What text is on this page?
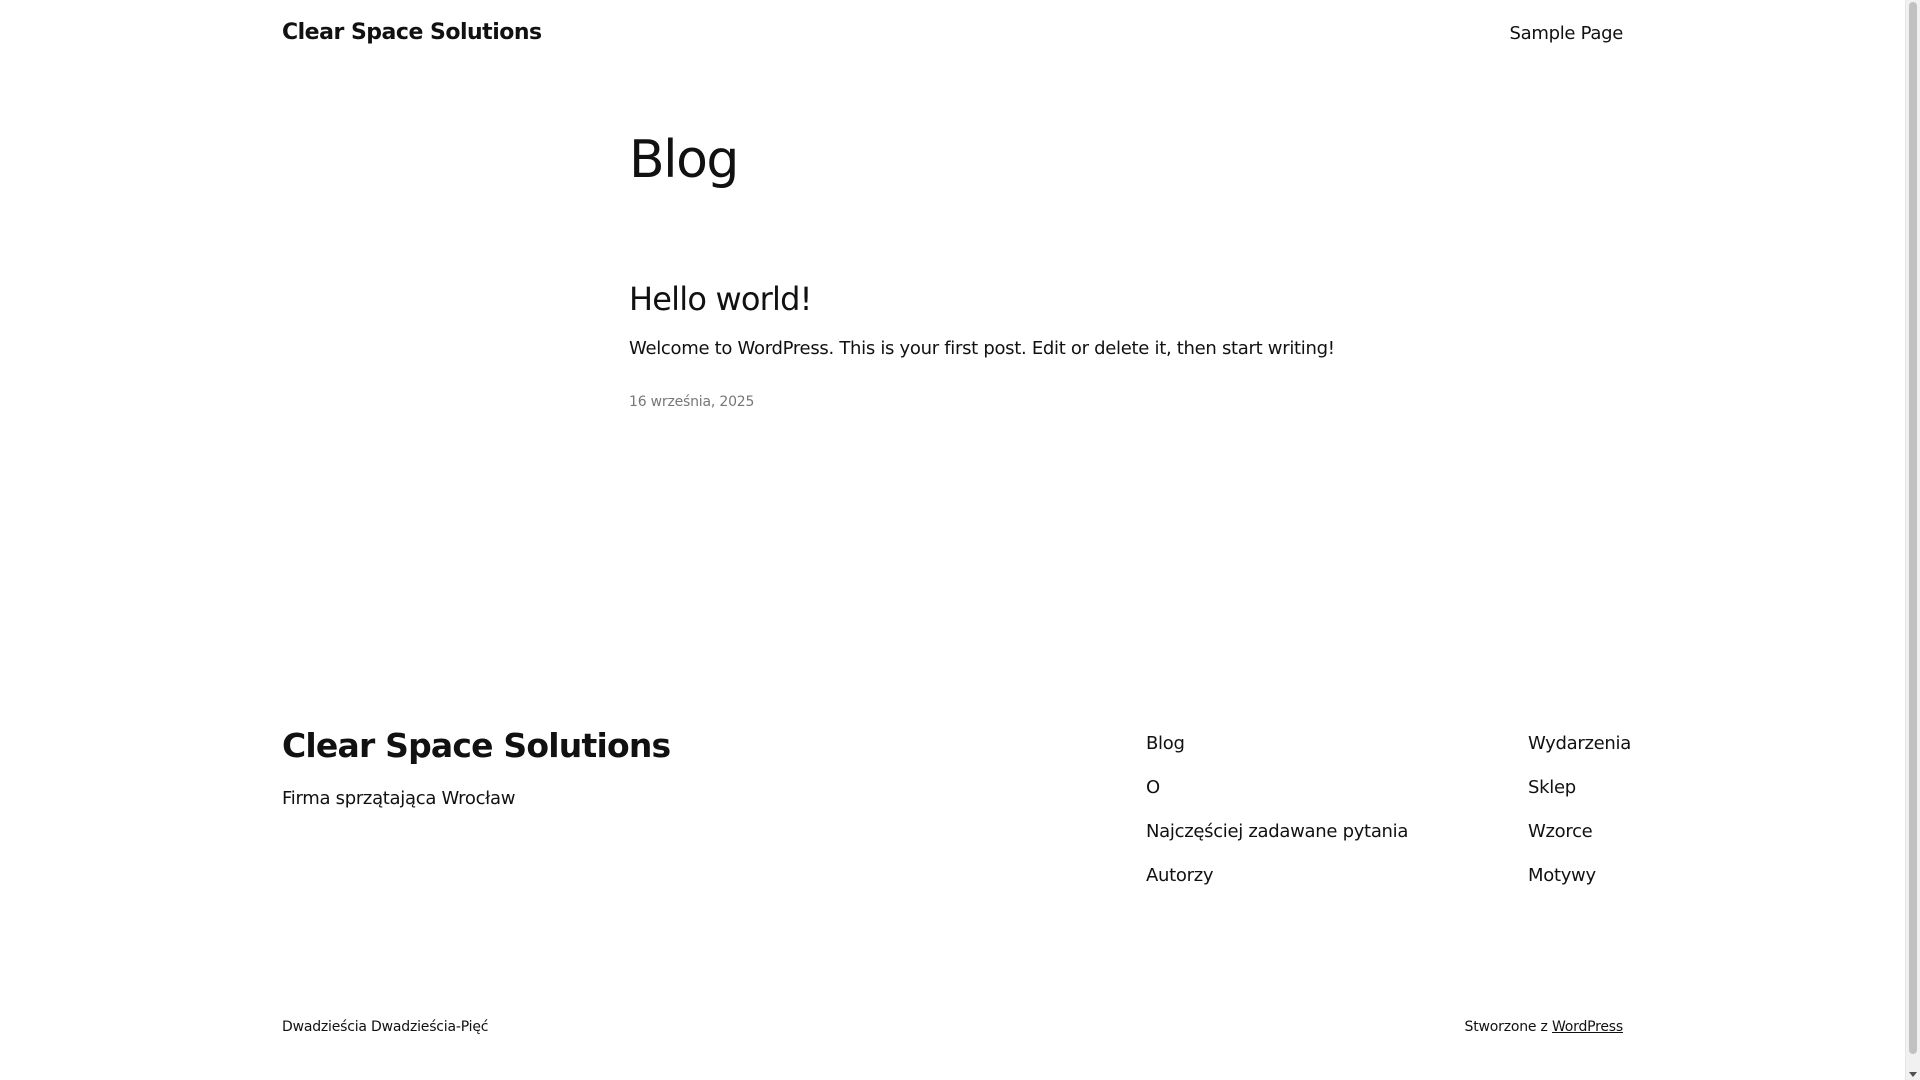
Clear Space Solutions	Sample Page
Blog
Hello world!

Welcome to WordPress. This is your first post. Edit or delete it, then start writing!

16 września, 2025
Clear Space Solutions

Firma sprzątająca Wrocław

Blog
O
Najczęściej zadawane pytania
Autorzy
Wydarzenia
Sklep
Wzorce
Motywy
Dwadzieścia Dwadzieścia-Pięć	Stworzone z WordPress
